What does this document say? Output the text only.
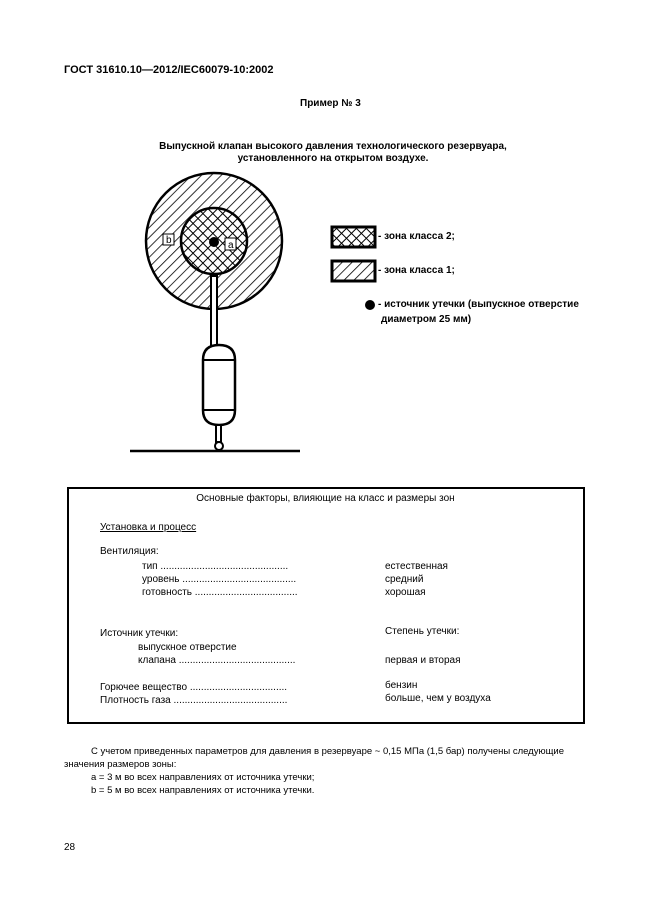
ГОСТ 31610.10—2012/IEC60079-10:2002
Пример № 3
Выпускной клапан высокого давления технологического резервуара,
установленного на открытом воздухе.
b	a
- зона класса 2;
- зона класса 1;
- источник утечки (выпускное отверстие
диаметром 25 мм)
Основные факторы, влияющие на класс и размеры зон
Установка и процесс
Вентиляция:
тип ..............................................	естественная
уровень .........................................	средний
готовность .....................................	хорошая
Источник утечки:	Степень утечки:
выпускное отверстие
клапана ..........................................	первая и вторая
Горючее вещество ...................................	бензин
Плотность газа .........................................	больше, чем у воздуха
С учетом приведенных параметров для давления в резервуаре ~ 0,15 МПа (1,5 бар) получены следующие
значения размеров зоны:
a = 3 м во всех направлениях от источника утечки;
b = 5 м во всех направлениях от источника утечки.
28
